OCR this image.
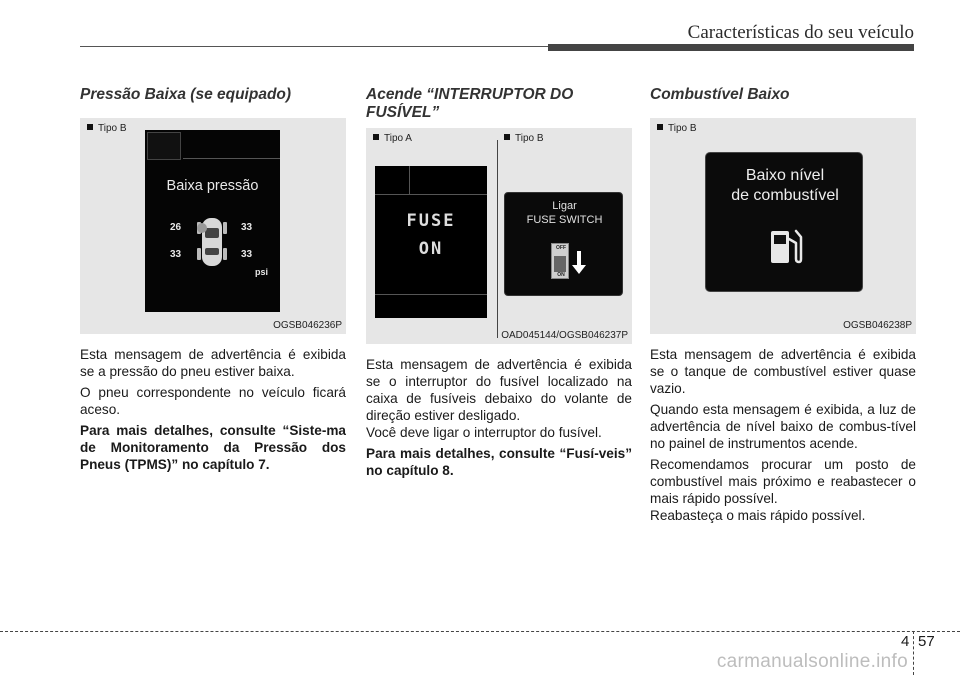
Características do seu veículo
Pressão Baixa (se equipado)
Tipo B
Baixa pressão
26	33
33	33
psi
OGSB046236P

Esta mensagem de advertência é exibida se a pressão do pneu estiver baixa.

O pneu correspondente no veículo ficará aceso.

Para mais detalhes, consulte “Siste-ma de Monitoramento da Pressão dos Pneus (TPMS)” no capítulo 7.

Acende “INTERRUPTOR DO FUSÍVEL”
Tipo A	Tipo B
FUSE
ON
Ligar
FUSE SWITCH
OFF
ON
OAD045144/OGSB046237P

Esta mensagem de advertência é exibida se o interruptor do fusível localizado na caixa de fusíveis debaixo do volante de direção estiver desligado.

Você deve ligar o interruptor do fusível.

Para mais detalhes, consulte “Fusí-veis” no capítulo 8.

Combustível Baixo
Tipo B
Baixo nível
de combustível
OGSB046238P

Esta mensagem de advertência é exibida se o tanque de combustível estiver quase vazio.

Quando esta mensagem é exibida, a luz de advertência de nível baixo de combus-tível no painel de instrumentos acende.

Recomendamos procurar um posto de combustível mais próximo e reabastecer o mais rápido possível.

Reabasteça o mais rápido possível.

4 57
carmanualsonline.info
